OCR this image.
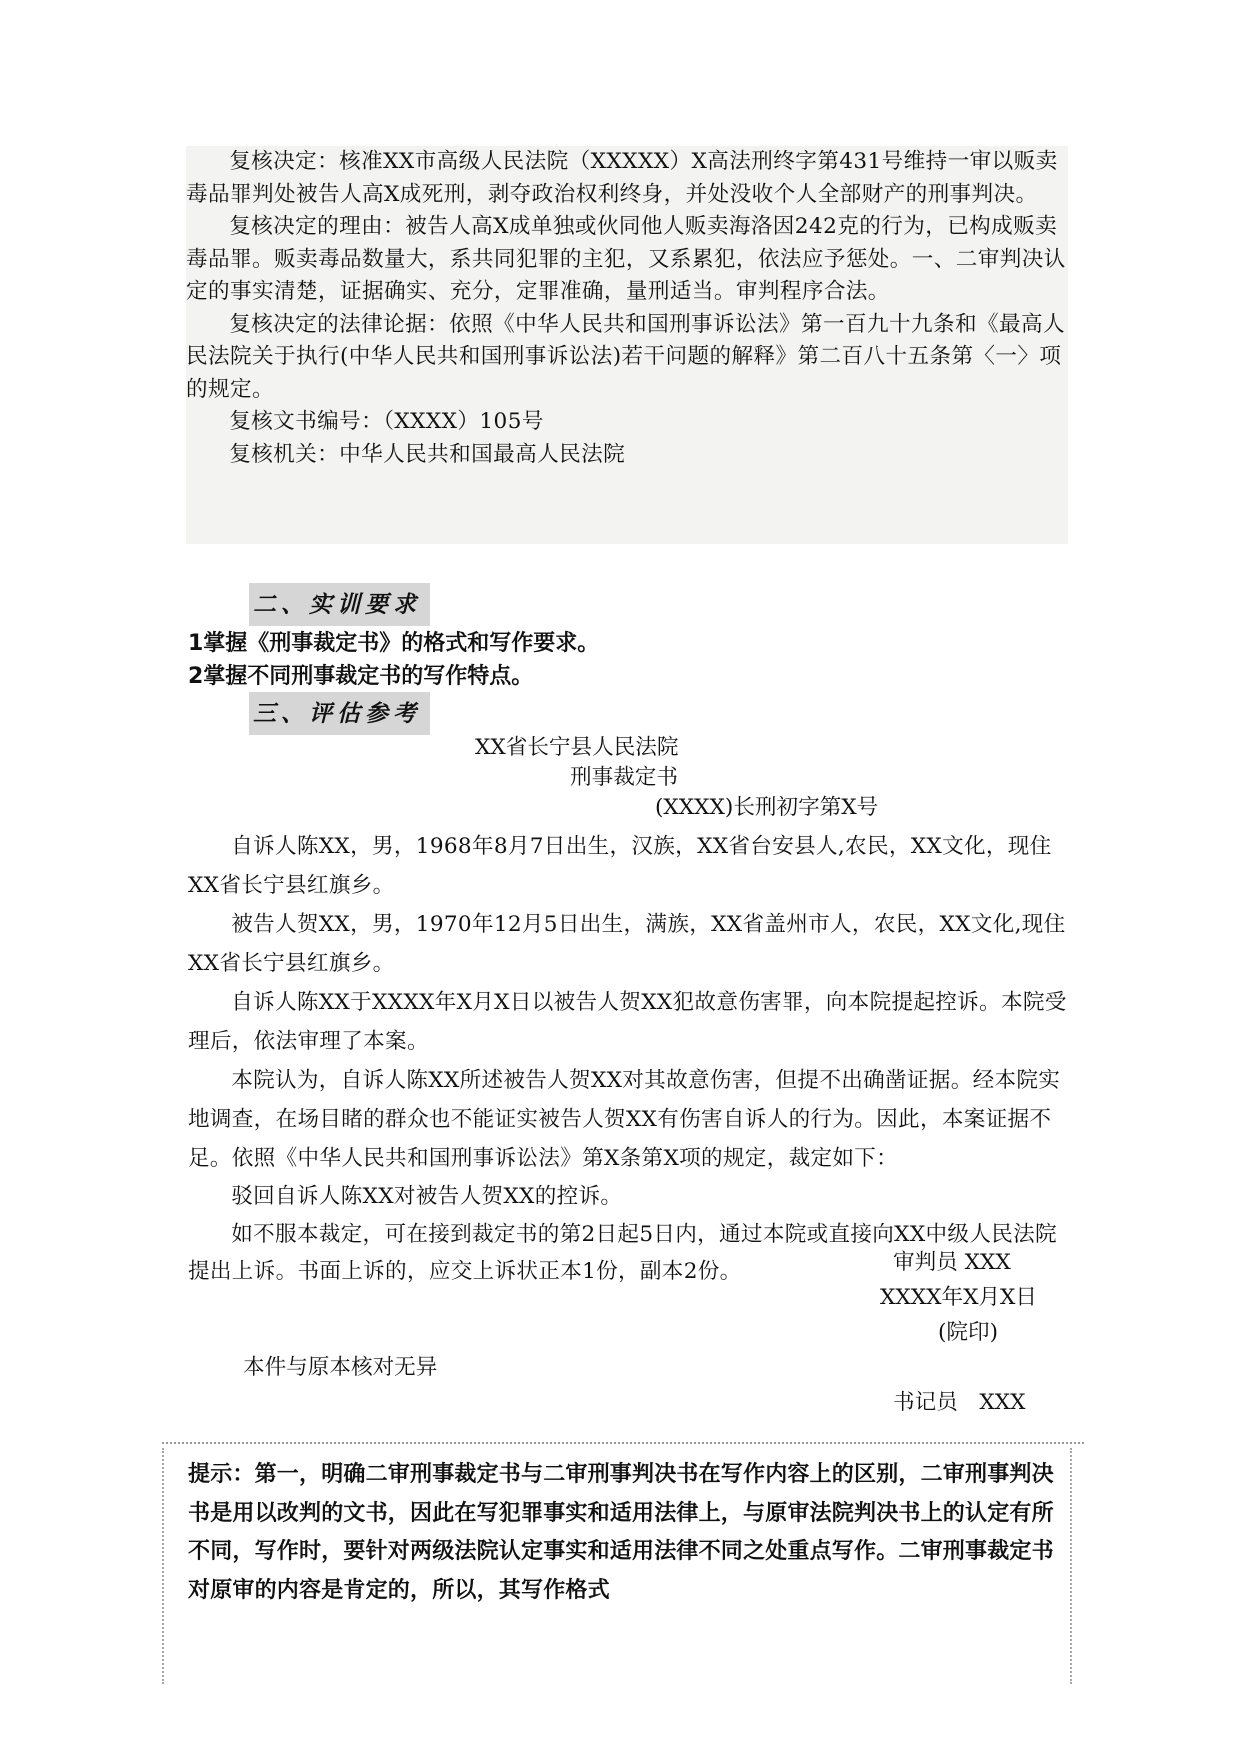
复核决定：核准XX市高级人民法院（XXXXX）X高法刑终字第431号维持一审以贩卖毒品罪判处被告人高X成死刑，剥夺政治权利终身，并处没收个人全部财产的刑事判决。

复核决定的理由：被告人高X成单独或伙同他人贩卖海洛因242克的行为，已构成贩卖毒品罪。贩卖毒品数量大，系共同犯罪的主犯，又系累犯，依法应予惩处。一、二审判决认定的事实清楚，证据确实、充分，定罪准确，量刑适当。审判程序合法。

复核决定的法律论据：依照《中华人民共和国刑事诉讼法》第一百九十九条和《最高人民法院关于执行(中华人民共和国刑事诉讼法)若干问题的解释》第二百八十五条第〈一〉项的规定。

复核文书编号：（XXXX）105号

复核机关：中华人民共和国最高人民法院

二、实训要求
1掌握《刑事裁定书》的格式和写作要求。
2掌握不同刑事裁定书的写作特点。
三、评估参考
XX省长宁县人民法院
刑事裁定书
(XXXX)长刑初字第X号

自诉人陈XX，男，1968年8月7日出生，汉族，XX省台安县人,农民，XX文化，现住XX省长宁县红旗乡。

被告人贺XX，男，1970年12月5日出生，满族，XX省盖州市人，农民，XX文化,现住XX省长宁县红旗乡。

自诉人陈XX于XXXX年X月X日以被告人贺XX犯故意伤害罪，向本院提起控诉。本院受理后，依法审理了本案。

本院认为，自诉人陈XX所述被告人贺XX对其故意伤害，但提不出确凿证据。经本院实地调查，在场目睹的群众也不能证实被告人贺XX有伤害自诉人的行为。因此，本案证据不足。依照《中华人民共和国刑事诉讼法》第X条第X项的规定，裁定如下：

驳回自诉人陈XX对被告人贺XX的控诉。

如不服本裁定，可在接到裁定书的第2日起5日内，通过本院或直接向XX中级人民法院提出上诉。书面上诉的，应交上诉状正本1份，副本2份。	审判员 XXX
XXXX年X月X日
(院印)
本件与原本核对无异
书记员　XXX
提示：第一，明确二审刑事裁定书与二审刑事判决书在写作内容上的区别，二审刑事判决书是用以改判的文书，因此在写犯罪事实和适用法律上，与原审法院判决书上的认定有所不同，写作时，要针对两级法院认定事实和适用法律不同之处重点写作。二审刑事裁定书对原审的内容是肯定的，所以，其写作格式
